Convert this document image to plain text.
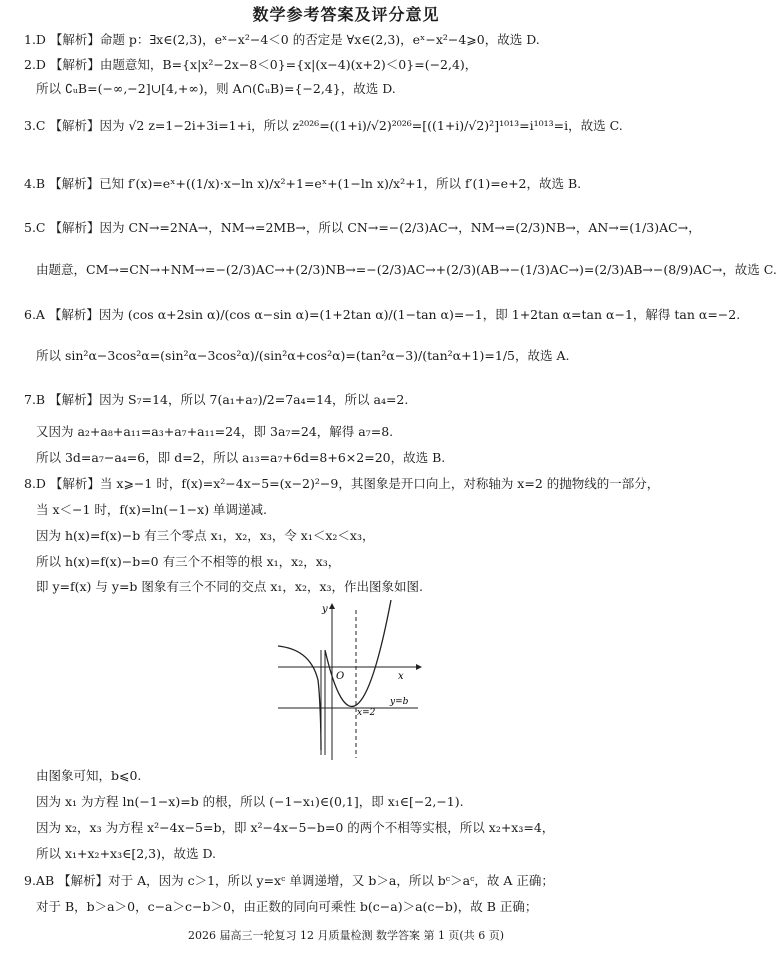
数学参考答案及评分意见
1.D 【解析】命题 p：∃x∈(2,3)，eˣ−x²−4＜0 的否定是 ∀x∈(2,3)，eˣ−x²−4⩾0，故选 D.
2.D 【解析】由题意知，B={x|x²−2x−8＜0}={x|(x−4)(x+2)＜0}=(−2,4)，
所以 ∁ᵤB=(−∞,−2]∪[4,+∞)，则 A∩(∁ᵤB)={−2,4}，故选 D.
3.C 【解析】因为 √2 z=1−2i+3i=1+i，所以 z²⁰²⁶=((1+i)/√2)²⁰²⁶=[((1+i)/√2)²]¹⁰¹³=i¹⁰¹³=i，故选 C.
4.B 【解析】已知 f′(x)=eˣ+((1/x)·x−ln x)/x²+1=eˣ+(1−ln x)/x²+1，所以 f′(1)=e+2，故选 B.
5.C 【解析】因为 CN→=2NA→，NM→=2MB→，所以 CN→=−(2/3)AC→，NM→=(2/3)NB→，AN→=(1/3)AC→，
由题意，CM→=CN→+NM→=−(2/3)AC→+(2/3)NB→=−(2/3)AC→+(2/3)(AB→−(1/3)AC→)=(2/3)AB→−(8/9)AC→，故选 C.
6.A 【解析】因为 (cos α+2sin α)/(cos α−sin α)=(1+2tan α)/(1−tan α)=−1，即 1+2tan α=tan α−1，解得 tan α=−2.
所以 sin²α−3cos²α=(sin²α−3cos²α)/(sin²α+cos²α)=(tan²α−3)/(tan²α+1)=1/5，故选 A.
7.B 【解析】因为 S₇=14，所以 7(a₁+a₇)/2=7a₄=14，所以 a₄=2.
又因为 a₂+a₈+a₁₁=a₃+a₇+a₁₁=24，即 3a₇=24，解得 a₇=8.
所以 3d=a₇−a₄=6，即 d=2，所以 a₁₃=a₇+6d=8+6×2=20，故选 B.
8.D 【解析】当 x⩾−1 时，f(x)=x²−4x−5=(x−2)²−9，其图象是开口向上，对称轴为 x=2 的抛物线的一部分，
当 x＜−1 时，f(x)=ln(−1−x) 单调递减.
因为 h(x)=f(x)−b 有三个零点 x₁，x₂，x₃，令 x₁＜x₂＜x₃，
所以 h(x)=f(x)−b=0 有三个不相等的根 x₁，x₂，x₃，
即 y=f(x) 与 y=b 图象有三个不同的交点 x₁，x₂，x₃，作出图象如图.
y
x
O
x=2
y=b
由图象可知，b⩽0.
因为 x₁ 为方程 ln(−1−x)=b 的根，所以 (−1−x₁)∈(0,1]，即 x₁∈[−2,−1).
因为 x₂，x₃ 为方程 x²−4x−5=b，即 x²−4x−5−b=0 的两个不相等实根，所以 x₂+x₃=4，
所以 x₁+x₂+x₃∈[2,3)，故选 D.
9.AB 【解析】对于 A，因为 c＞1，所以 y=xᶜ 单调递增，又 b＞a，所以 bᶜ＞aᶜ，故 A 正确；
对于 B，b＞a＞0，c−a＞c−b＞0，由正数的同向可乘性 b(c−a)＞a(c−b)，故 B 正确；
2026 届高三一轮复习 12 月质量检测 数学答案 第 1 页(共 6 页)
